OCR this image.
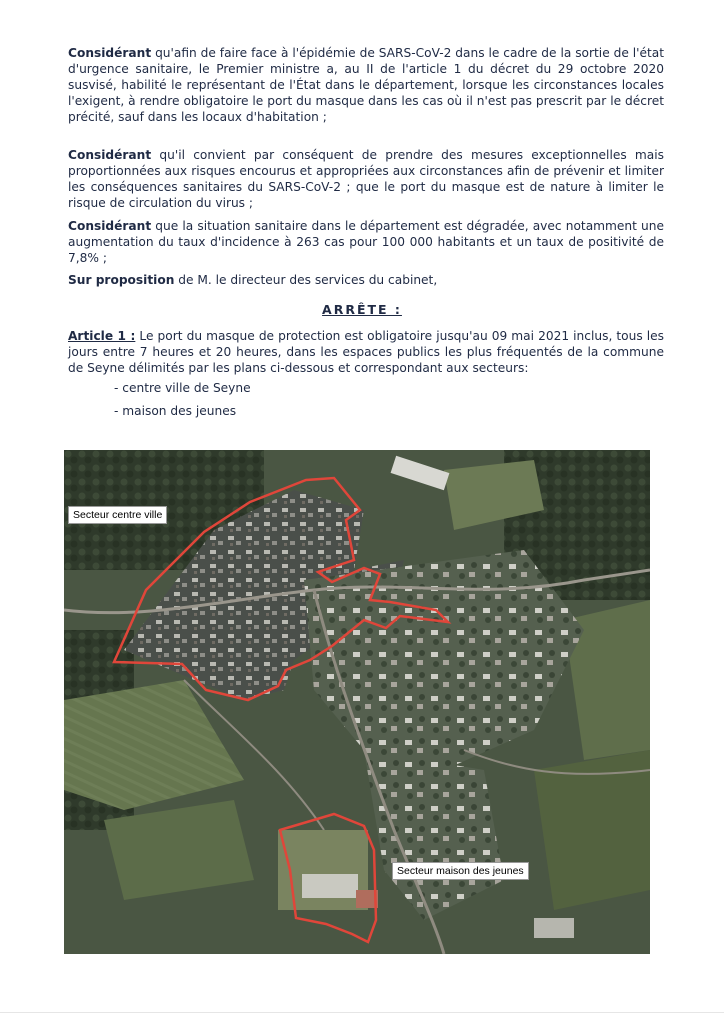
Considérant qu'afin de faire face à l'épidémie de SARS-CoV-2 dans le cadre de la sortie de l'état d'urgence sanitaire, le Premier ministre a, au II de l'article 1 du décret du 29 octobre 2020 susvisé, habilité le représentant de l'État dans le département, lorsque les circonstances locales l'exigent, à rendre obligatoire le port du masque dans les cas où il n'est pas prescrit par le décret précité, sauf dans les locaux d'habitation ;

Considérant qu'il convient par conséquent de prendre des mesures exceptionnelles mais proportionnées aux risques encourus et appropriées aux circonstances afin de prévenir et limiter les conséquences sanitaires du SARS-CoV-2 ; que le port du masque est de nature à limiter le risque de circulation du virus ;

Considérant que la situation sanitaire dans le département est dégradée, avec notamment une augmentation du taux d'incidence à 263 cas pour 100 000 habitants et un taux de positivité de 7,8% ;

Sur proposition de M. le directeur des services du cabinet,

ARRÊTE :

Article 1 : Le port du masque de protection est obligatoire jusqu'au 09 mai 2021 inclus, tous les jours entre 7 heures et 20 heures, dans les espaces publics les plus fréquentés de la commune de Seyne délimités par les plans ci-dessous et correspondant aux secteurs:

- centre ville de Seyne
- maison des jeunes
Secteur centre ville
Secteur maison des jeunes
